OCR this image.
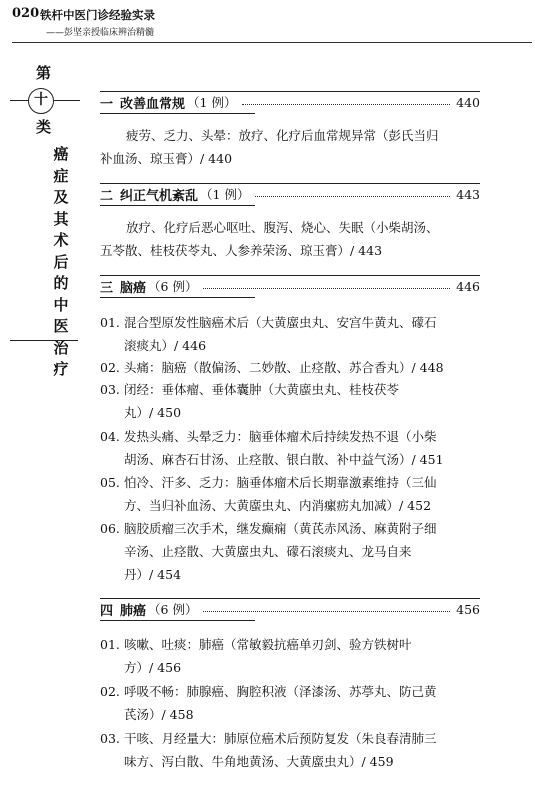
020 铁杆中医门诊经验实录
——彭坚亲授临床辨治精髓
第
十
类
癌症及其术后的中医治疗
一 改善血常规 （1 例）	440
疲劳、乏力、头晕：放疗、化疗后血常规异常（彭氏当归
补血汤、琼玉膏）/ 440
二 纠正气机紊乱 （1 例）	443
放疗、化疗后恶心呕吐、腹泻、烧心、失眠（小柴胡汤、
五苓散、桂枝茯苓丸、人参养荣汤、琼玉膏）/ 443
三 脑癌 （6 例）	446
01. 混合型原发性脑癌术后（大黄䗪虫丸、安宫牛黄丸、礞石
滚痰丸）/ 446
02. 头痛：脑癌（散偏汤、二妙散、止痉散、苏合香丸）/ 448
03. 闭经：垂体瘤、垂体囊肿（大黄䗪虫丸、桂枝茯苓
丸）/ 450
04. 发热头痛、头晕乏力：脑垂体瘤术后持续发热不退（小柴
胡汤、麻杏石甘汤、止痉散、银白散、补中益气汤）/ 451
05. 怕冷、汗多、乏力：脑垂体瘤术后长期靠激素维持（三仙
方、当归补血汤、大黄䗪虫丸、内消瘰疬丸加减）/ 452
06. 脑胶质瘤三次手术，继发癫痫（黄芪赤风汤、麻黄附子细
辛汤、止痉散、大黄䗪虫丸、礞石滚痰丸、龙马自来
丹）/ 454
四 肺癌 （6 例）	456
01. 咳嗽、吐痰：肺癌（常敏毅抗癌单刃剑、验方铁树叶
方）/ 456
02. 呼吸不畅：肺腺癌、胸腔积液（泽漆汤、苏葶丸、防己黄
芪汤）/ 458
03. 干咳、月经量大：肺原位癌术后预防复发（朱良春清肺三
味方、泻白散、牛角地黄汤、大黄䗪虫丸）/ 459
